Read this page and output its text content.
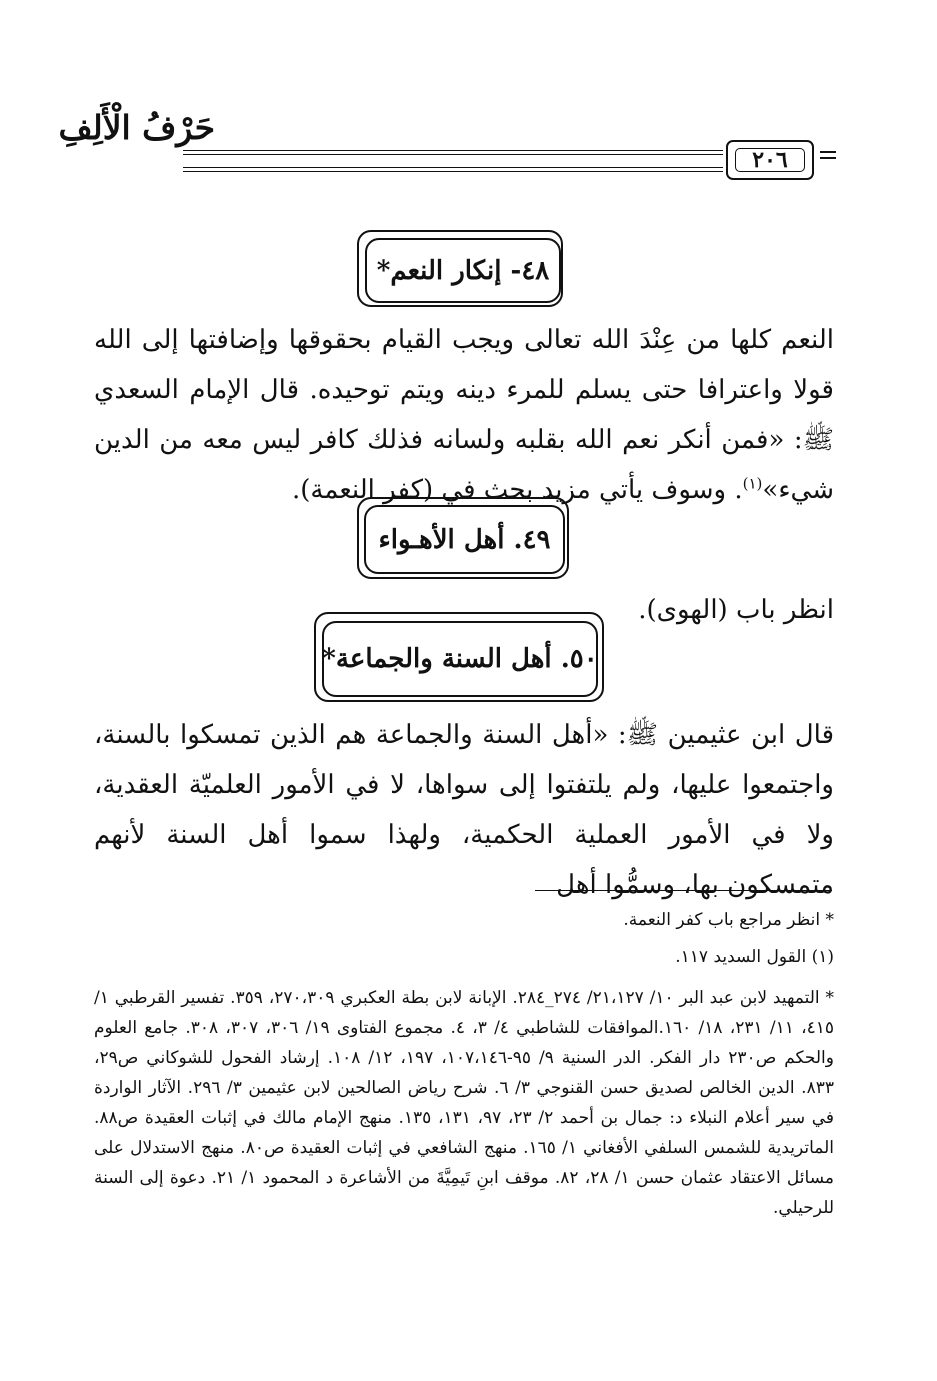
حَرْفُ الْأَلِفِ
٢٠٦
٤٨- إنكار النعم*
النعم كلها من عِنْدَ الله تعالى ويجب القيام بحقوقها وإضافتها إلى الله قولا واعترافا حتى يسلم للمرء دينه ويتم توحيده. قال الإمام السعدي ﷺ: «فمن أنكر نعم الله بقلبه ولسانه فذلك كافر ليس معه من الدين شيء»$^{(١)}$. وسوف يأتي مزيد بحث في (كفر النعمة).
٤٩. أهل الأهـواء
انظر باب (الهوى).
٥٠. أهل السنة والجماعة*
قال ابن عثيمين ﷺ: «أهل السنة والجماعة هم الذين تمسكوا بالسنة، واجتمعوا عليها، ولم يلتفتوا إلى سواها، لا في الأمور العلميّة العقدية، ولا في الأمور العملية الحكمية، ولهذا سموا أهل السنة لأنهم متمسكون بها، وسمُّوا أهل
* انظر مراجع باب كفر النعمة.
(١) القول السديد ١١٧.
* التمهيد لابن عبد البر ١٠/ ٢١،١٢٧/ ٢٧٤_٢٨٤. الإبانة لابن بطة العكبري ٢٧٠،٣٠٩، ٣٥٩. تفسير القرطبي ١/ ٤١٥، ١١/ ٢٣١، ١٨/ ١٦٠.الموافقات للشاطبي ٤/ ٣، ٤. مجموع الفتاوى ١٩/ ٣٠٦، ٣٠٧، ٣٠٨. جامع العلوم والحكم ص٢٣٠ دار الفكر. الدر السنية ٩/ ٩٥-١٠٧،١٤٦، ١٩٧، ١٢/ ١٠٨. إرشاد الفحول للشوكاني ص٢٩، ٨٣٣. الدين الخالص لصديق حسن القنوجي ٣/ ٦. شرح رياض الصالحين لابن عثيمين ٣/ ٢٩٦. الآثار الواردة في سير أعلام النبلاء د: جمال بن أحمد ٢/ ٢٣، ٩٧، ١٣١، ١٣٥. منهج الإمام مالك في إثبات العقيدة ص٨٨. الماتريدية للشمس السلفي الأفغاني ١/ ١٦٥. منهج الشافعي في إثبات العقيدة ص٨٠. منهج الاستدلال على مسائل الاعتقاد عثمان حسن ١/ ٢٨، ٨٢. موقف ابنِ تَيمِيَّةَ من الأشاعرة د المحمود ١/ ٢١. دعوة إلى السنة للرحيلي.
